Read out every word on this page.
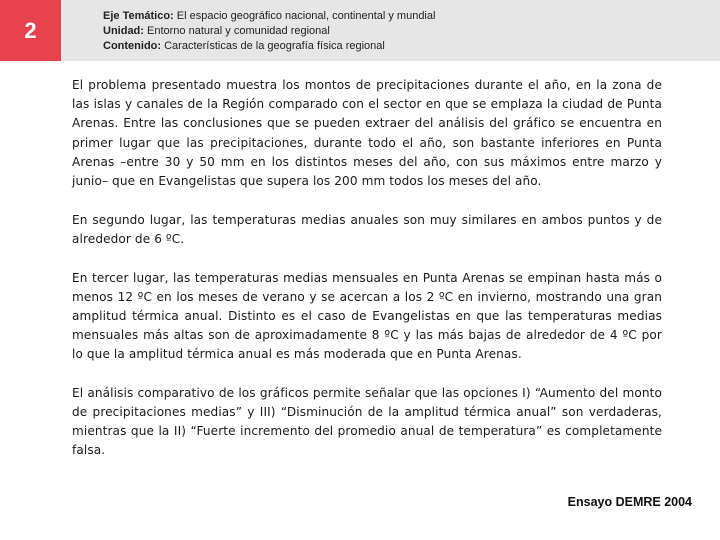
2
Eje Temático: El espacio geográfico nacional, continental y mundial
Unidad: Entorno natural y comunidad regional
Contenido: Características de la geografía física regional

El problema presentado muestra los montos de precipitaciones durante el año, en la zona de las islas y canales de la Región comparado con el sector en que se emplaza la ciudad de Punta Arenas. Entre las conclusiones que se pueden extraer del análisis del gráfico se encuentra en primer lugar que las precipitaciones, durante todo el año, son bastante inferiores en Punta Arenas –entre 30 y 50 mm en los distintos meses del año, con sus máximos entre marzo y junio– que en Evangelistas que supera los 200 mm todos los meses del año.

En segundo lugar, las temperaturas medias anuales son muy similares en ambos puntos y de alrededor de 6 ºC.

En tercer lugar, las temperaturas medias mensuales en Punta Arenas se empinan hasta más o menos 12 ºC en los meses de verano y se acercan a los 2 ºC en invierno, mostrando una gran amplitud térmica anual. Distinto es el caso de Evangelistas en que las temperaturas medias mensuales más altas son de aproximadamente 8 ºC y las más bajas de alrededor de 4 ºC por lo que la amplitud térmica anual es más moderada que en Punta Arenas.

El análisis comparativo de los gráficos permite señalar que las opciones I) “Aumento del monto de precipitaciones medias” y III) “Disminución de la amplitud térmica anual” son verdaderas, mientras que la II) “Fuerte incremento del promedio anual de temperatura” es completamente falsa.

Ensayo DEMRE 2004
